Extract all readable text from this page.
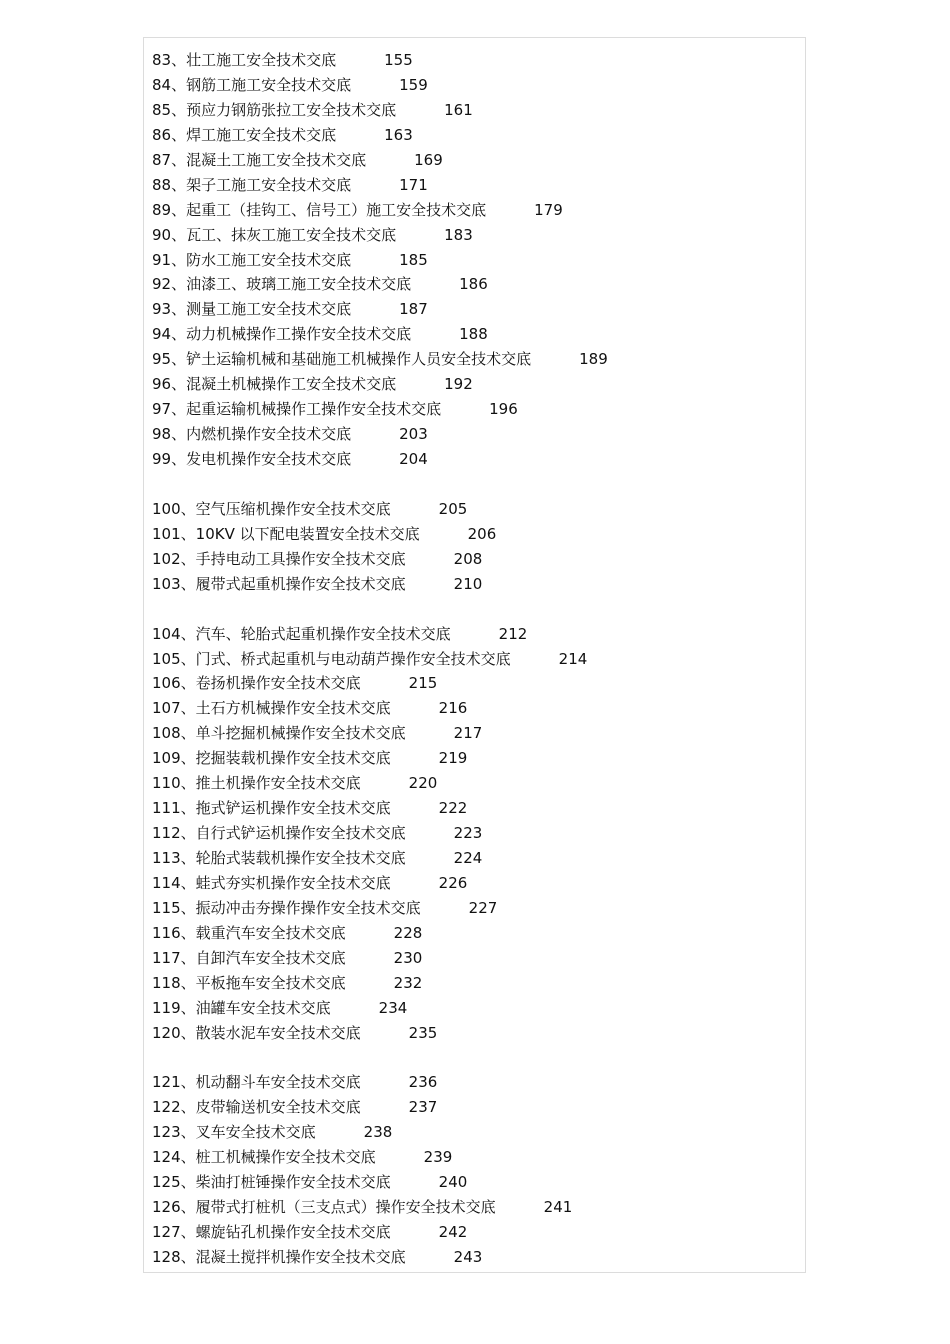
83、壮工施工安全技术交底	155
84、钢筋工施工安全技术交底	159
85、预应力钢筋张拉工安全技术交底	161
86、焊工施工安全技术交底	163
87、混凝土工施工安全技术交底	169
88、架子工施工安全技术交底	171
89、起重工（挂钩工、信号工）施工安全技术交底	179
90、瓦工、抹灰工施工安全技术交底	183
91、防水工施工安全技术交底	185
92、油漆工、玻璃工施工安全技术交底	186
93、测量工施工安全技术交底	187
94、动力机械操作工操作安全技术交底	188
95、铲土运输机械和基础施工机械操作人员安全技术交底	189
96、混凝土机械操作工安全技术交底	192
97、起重运输机械操作工操作安全技术交底	196
98、内燃机操作安全技术交底	203
99、发电机操作安全技术交底	204
100、空气压缩机操作安全技术交底	205
101、10KV 以下配电装置安全技术交底	206
102、手持电动工具操作安全技术交底	208
103、履带式起重机操作安全技术交底	210
104、汽车、轮胎式起重机操作安全技术交底	212
105、门式、桥式起重机与电动葫芦操作安全技术交底	214
106、卷扬机操作安全技术交底	215
107、土石方机械操作安全技术交底	216
108、单斗挖掘机械操作安全技术交底	217
109、挖掘装载机操作安全技术交底	219
110、推土机操作安全技术交底	220
111、拖式铲运机操作安全技术交底	222
112、自行式铲运机操作安全技术交底	223
113、轮胎式装载机操作安全技术交底	224
114、蛙式夯实机操作安全技术交底	226
115、振动冲击夯操作操作安全技术交底	227
116、载重汽车安全技术交底	228
117、自卸汽车安全技术交底	230
118、平板拖车安全技术交底	232
119、油罐车安全技术交底	234
120、散装水泥车安全技术交底	235
121、机动翻斗车安全技术交底	236
122、皮带输送机安全技术交底	237
123、叉车安全技术交底	238
124、桩工机械操作安全技术交底	239
125、柴油打桩锤操作安全技术交底	240
126、履带式打桩机（三支点式）操作安全技术交底	241
127、螺旋钻孔机操作安全技术交底	242
128、混凝土搅拌机操作安全技术交底	243
